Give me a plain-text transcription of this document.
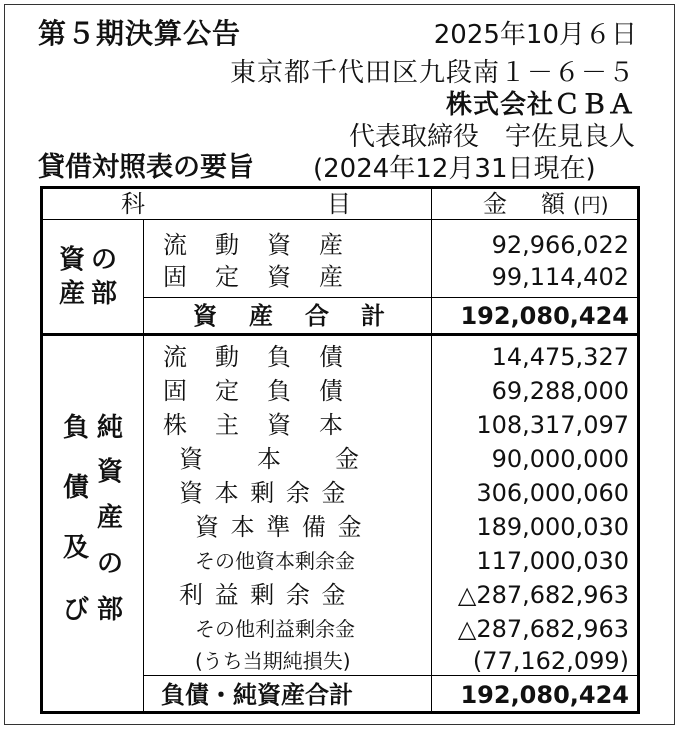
第５期決算公告	2025年10月６日
東京都千代田区九段南１－６－５
株式会社ＣＢＡ
代表取締役　宇佐見良人
貸借対照表の要旨 (2024年12月31日現在)
科	目	金 額 (円)
資 の
産 部
流　動　資　産	92,966,022
固　定　資　産	99,114,402
資　産　合　計	192,080,424
負
債
及
び
純
資
産
の
部
流　動　負　債	14,475,327
固　定　負　債	69,288,000
株　主　資　本	108,317,097
資　　本　　金	90,000,000
資 本 剰 余 金	306,000,060
資 本 準 備 金	189,000,030
その他資本剰余金	117,000,030
利 益 剰 余 金	△287,682,963
その他利益剰余金	△287,682,963
(うち当期純損失)	(77,162,099)
負債・純資産合計	192,080,424
